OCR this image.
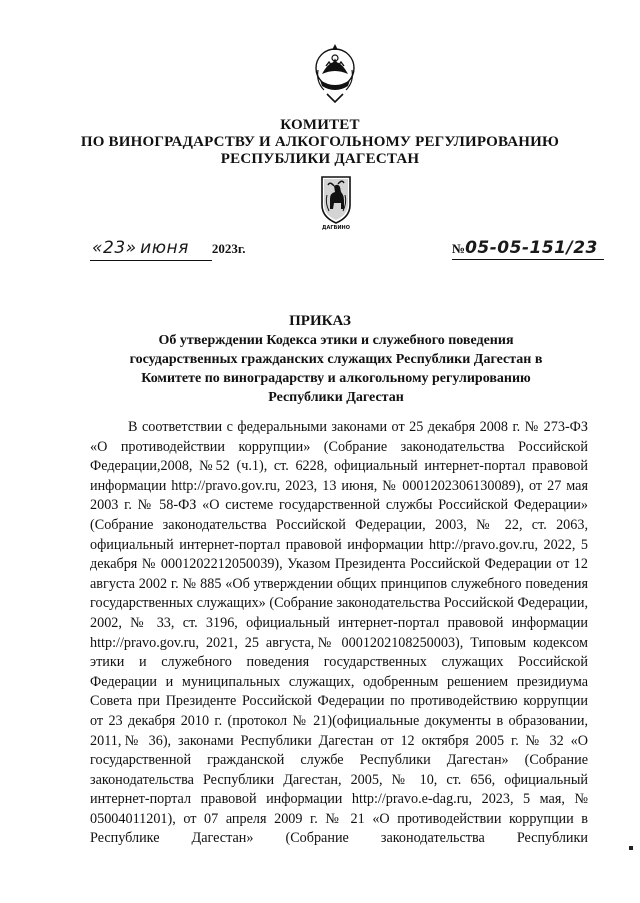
КОМИТЕТ
ПО ВИНОГРАДАРСТВУ И АЛКОГОЛЬНОМУ РЕГУЛИРОВАНИЮ
РЕСПУБЛИКИ ДАГЕСТАН
ДАГВИНО
«23» июня 2023г.	№05-05-151/23
ПРИКАЗ
Об утверждении Кодекса этики и служебного поведения государственных гражданских служащих Республики Дагестан в Комитете по виноградарству и алкогольному регулированию Республики Дагестан

В соответствии с федеральными законами от 25 декабря 2008 г. № 273-ФЗ «О противодействии коррупции» (Собрание законодательства Российской Федерации,2008, №52 (ч.1), ст. 6228, официальный интернет-портал правовой информации http://pravo.gov.ru, 2023, 13 июня, № 0001202306130089), от 27 мая 2003 г. № 58-ФЗ «О системе государственной службы Российской Федерации» (Собрание законодательства Российской Федерации, 2003, № 22, ст. 2063, официальный интернет-портал правовой информации http://pravo.gov.ru, 2022, 5 декабря № 0001202212050039), Указом Президента Российской Федерации от 12 августа 2002 г. № 885 «Об утверждении общих принципов служебного поведения государственных служащих» (Собрание законодательства Российской Федерации, 2002, № 33, ст. 3196, официальный интернет-портал правовой информации http://pravo.gov.ru, 2021, 25 августа,№ 0001202108250003), Типовым кодексом этики и служебного поведения государственных служащих Российской Федерации и муниципальных служащих, одобренным решением президиума Совета при Президенте Российской Федерации по противодействию коррупции от 23 декабря 2010 г. (протокол № 21)(официальные документы в образовании, 2011,№ 36), законами Республики Дагестан от 12 октября 2005 г. № 32 «О государственной гражданской службе Республики Дагестан» (Собрание законодательства Республики Дагестан, 2005, № 10, ст. 656, официальный интернет-портал правовой информации http://pravo.e-dag.ru, 2023, 5 мая, № 05004011201), от 07 апреля 2009 г. № 21 «О противодействии коррупции в Республике Дагестан» (Собрание законодательства Республики
